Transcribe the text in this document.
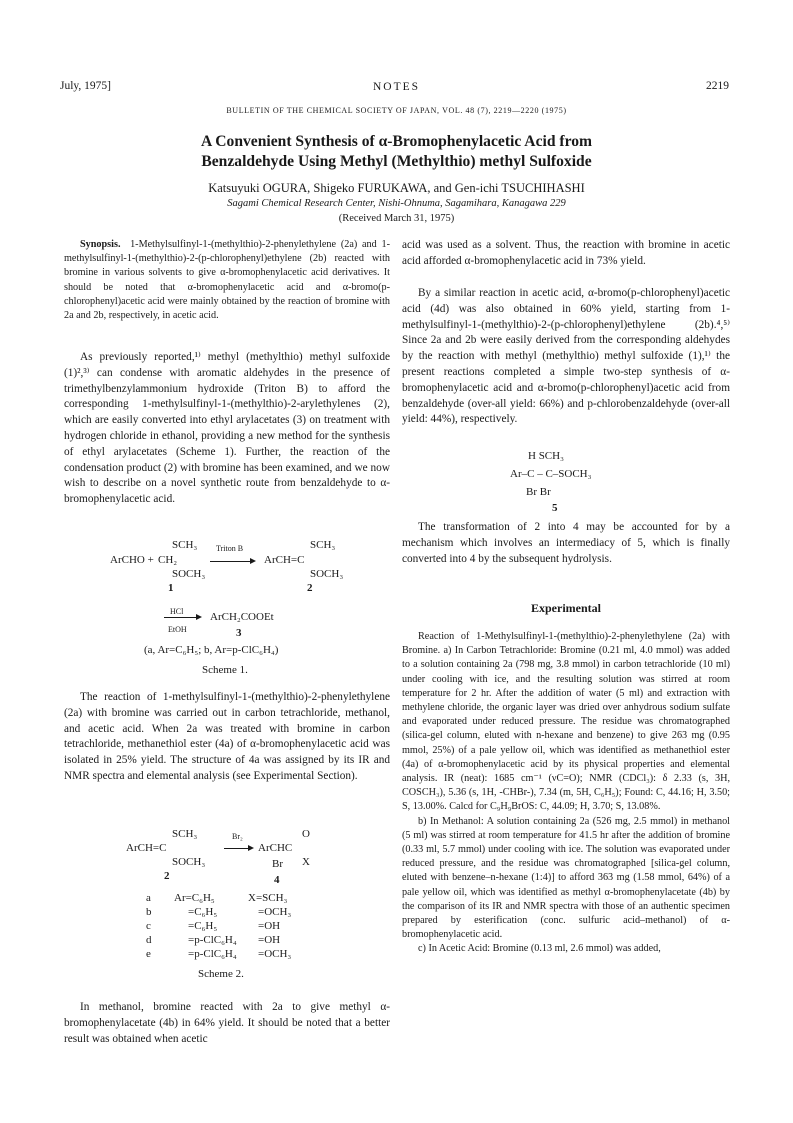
July, 1975]	NOTES	2219
BULLETIN OF THE CHEMICAL SOCIETY OF JAPAN, VOL. 48 (7), 2219—2220 (1975)
A Convenient Synthesis of α-Bromophenylacetic Acid from
Benzaldehyde Using Methyl (Methylthio) methyl Sulfoxide
Katsuyuki OGURA, Shigeko FURUKAWA, and Gen-ichi TSUCHIHASHI
Sagami Chemical Research Center, Nishi-Ohnuma, Sagamihara, Kanagawa 229
(Received March 31, 1975)

Synopsis. 1-Methylsulfinyl-1-(methylthio)-2-phenylethylene (2a) and 1-methylsulfinyl-1-(methylthio)-2-(p-chlorophenyl)ethylene (2b) reacted with bromine in various solvents to give α-bromophenylacetic acid derivatives. It should be noted that α-bromophenylacetic acid and α-bromo(p-chlorophenyl)acetic acid were mainly obtained by the reaction of bromine with 2a and 2b, respectively, in acetic acid.

As previously reported,¹⁾ methyl (methylthio) methyl sulfoxide (1)²,³⁾ can condense with aromatic aldehydes in the presence of trimethylbenzylammonium hydroxide (Triton B) to afford the corresponding 1-methylsulfinyl-1-(methylthio)-2-arylethylenes (2), which are easily converted into ethyl arylacetates (3) on treatment with hydrogen chloride in ethanol, providing a new method for the synthesis of ethyl arylacetates (Scheme 1). Further, the reaction of the condensation product (2) with bromine has been examined, and we now wish to describe on a novel synthetic route from benzaldehyde to α-bromophenylacetic acid.

ArCHO + CH₂
SCH₃
SOCH₃
Triton B
ArCH=C
SCH₃
SOCH₃
1	2
HCl
EtOH
ArCH₂COOEt
3
(a, Ar=C₆H₅; b, Ar=p-ClC₆H₄)
Scheme 1.

The reaction of 1-methylsulfinyl-1-(methylthio)-2-phenylethylene (2a) with bromine was carried out in carbon tetrachloride, methanol, and acetic acid. When 2a was treated with bromine in carbon tetrachloride, methanethiol ester (4a) of α-bromophenylacetic acid was isolated in 25% yield. The structure of 4a was assigned by its IR and NMR spectra and elemental analysis (see Experimental Section).

ArCH=C
SCH₃
SOCH₃
Br₂
ArCHC
O
X
Br
2	4
a Ar=C₆H₅	X=SCH₃
b	=C₆H₅	=OCH₃
c	=C₆H₅	=OH
d	=p-ClC₆H₄ =OH
e	=p-ClC₆H₄ =OCH₃
Scheme 2.

In methanol, bromine reacted with 2a to give methyl α-bromophenylacetate (4b) in 64% yield. It should be noted that a better result was obtained when acetic

acid was used as a solvent. Thus, the reaction with bromine in acetic acid afforded α-bromophenylacetic acid in 73% yield.

By a similar reaction in acetic acid, α-bromo(p-chlorophenyl)acetic acid (4d) was also obtained in 60% yield, starting from 1-methylsulfinyl-1-(methylthio)-2-(p-chlorophenyl)ethylene (2b).⁴,⁵⁾ Since 2a and 2b were easily derived from the corresponding aldehydes by the reaction with methyl (methylthio) methyl sulfoxide (1),¹⁾ the present reactions completed a simple two-step synthesis of α-bromophenylacetic acid and α-bromo(p-chlorophenyl)acetic acid from benzaldehyde (over-all yield: 66%) and p-chlorobenzaldehyde (over-all yield: 44%), respectively.

H SCH₃
Ar–C – C–SOCH₃
Br Br
5

The transformation of 2 into 4 may be accounted for by a mechanism which involves an intermediacy of 5, which is finally converted into 4 by the subsequent hydrolysis.

Experimental

Reaction of 1-Methylsulfinyl-1-(methylthio)-2-phenylethylene (2a) with Bromine. a) In Carbon Tetrachloride: Bromine (0.21 ml, 4.0 mmol) was added to a solution containing 2a (798 mg, 3.8 mmol) in carbon tetrachloride (10 ml) under cooling with ice, and the resulting solution was stirred at room temperature for 2 hr. After the addition of water (5 ml) and extraction with methylene chloride, the organic layer was dried over anhydrous sodium sulfate and evaporated under reduced pressure. The residue was chromatographed (silica-gel column, eluted with n-hexane and benzene) to give 263 mg (0.95 mmol, 25%) of a pale yellow oil, which was identified as methanethiol ester (4a) of α-bromophenylacetic acid by its physical properties and elemental analysis. IR (neat): 1685 cm⁻¹ (νC=O); NMR (CDCl₃): δ 2.33 (s, 3H, COSCH₃), 5.36 (s, 1H, -CHBr-), 7.34 (m, 5H, C₆H₅); Found: C, 44.16; H, 3.50; S, 13.00%. Calcd for C₉H₉BrOS: C, 44.09; H, 3.70; S, 13.08%.

b) In Methanol: A solution containing 2a (526 mg, 2.5 mmol) in methanol (5 ml) was stirred at room temperature for 41.5 hr after the addition of bromine (0.33 ml, 5.7 mmol) under cooling with ice. The solution was evaporated under reduced pressure, and the residue was chromatographed [silica-gel column, eluted with benzene–n-hexane (1:4)] to afford 363 mg (1.58 mmol, 64%) of a pale yellow oil, which was identified as methyl α-bromophenylacetate (4b) by the comparison of its IR and NMR spectra with those of an authentic specimen prepared by esterification (conc. sulfuric acid–methanol) of α-bromophenylacetic acid.

c) In Acetic Acid: Bromine (0.13 ml, 2.6 mmol) was added,
